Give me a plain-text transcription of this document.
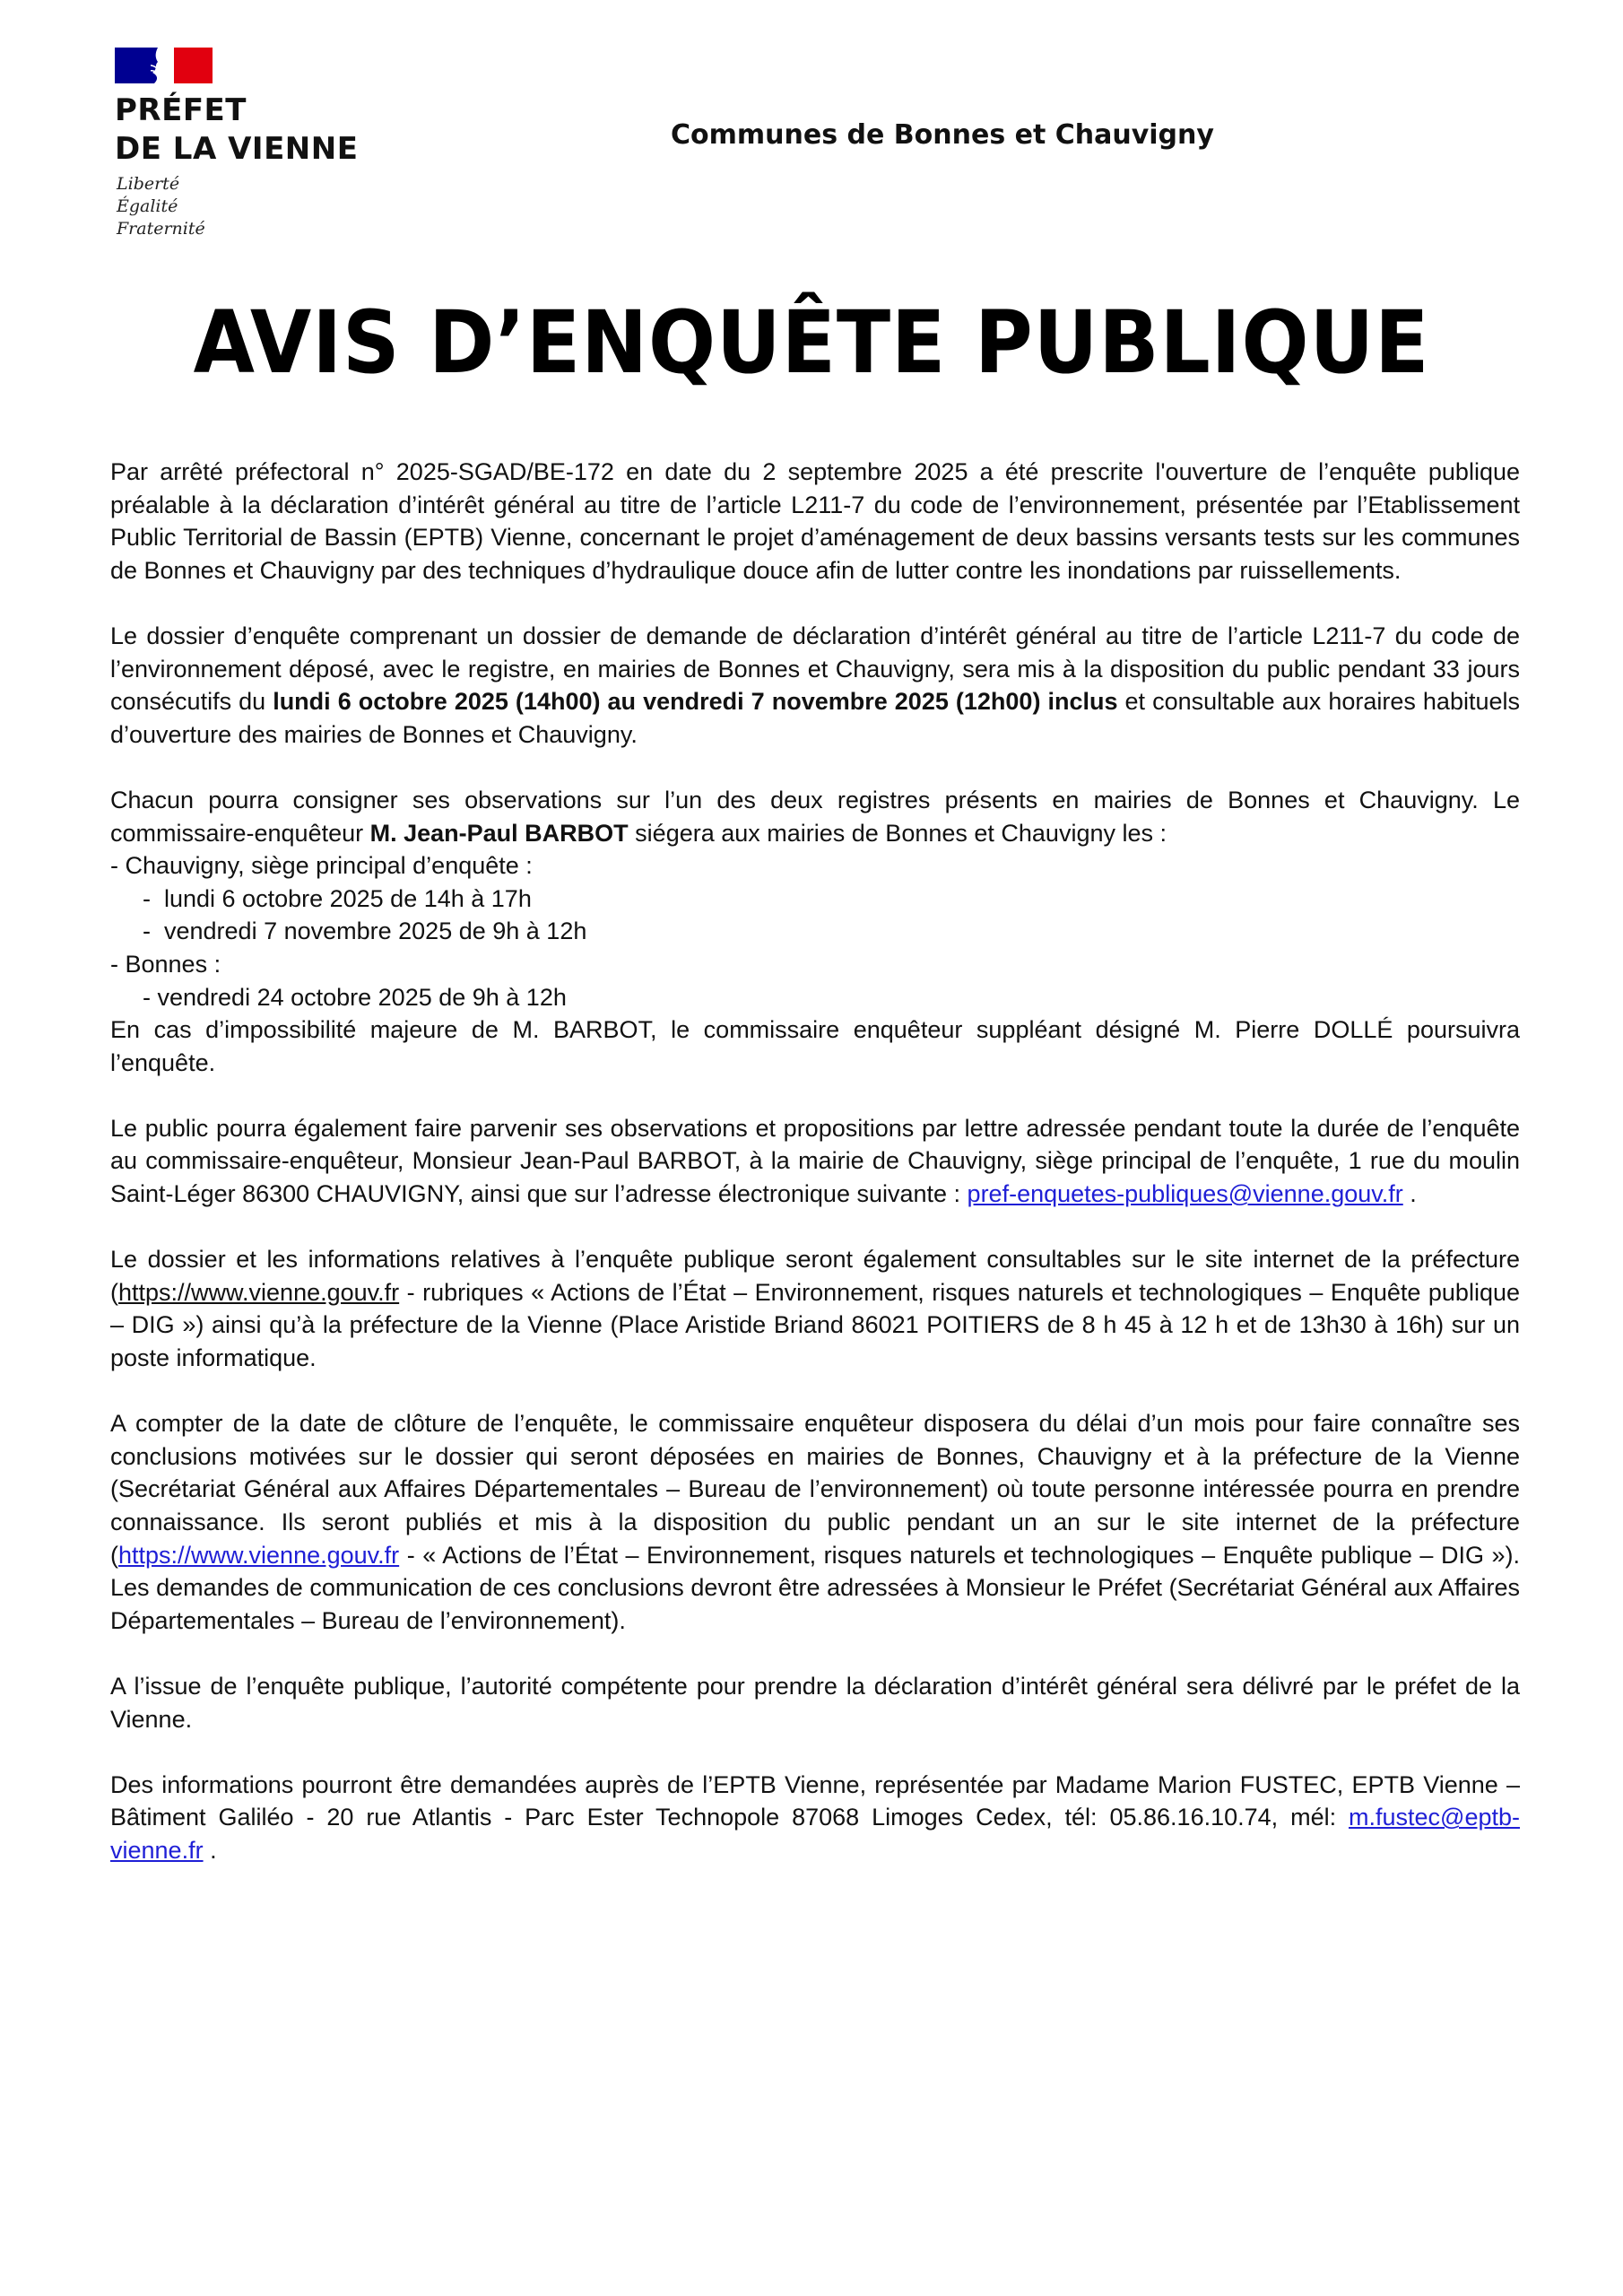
PRÉFET
DE LA VIENNE
Liberté
Égalité
Fraternité
Communes de Bonnes et Chauvigny
AVIS D’ENQUÊTE PUBLIQUE

Par arrêté préfectoral n° 2025-SGAD/BE-172 en date du 2 septembre 2025 a été prescrite l'ouverture de l’enquête publique préalable à la déclaration d’intérêt général au titre de l’article L211-7 du code de l’environnement, présentée par l’Etablissement Public Territorial de Bassin (EPTB) Vienne, concernant le projet d’aménagement de deux bassins versants tests sur les communes de Bonnes et Chauvigny par des techniques d’hydraulique douce afin de lutter contre les inondations par ruissellements.

Le dossier d’enquête comprenant un dossier de demande de déclaration d’intérêt général au titre de l’article L211-7 du code de l’environnement déposé, avec le registre, en mairies de Bonnes et Chauvigny, sera mis à la disposition du public pendant 33 jours consécutifs du lundi 6 octobre 2025 (14h00) au vendredi 7 novembre 2025 (12h00) inclus et consultable aux horaires habituels d’ouverture des mairies de Bonnes et Chauvigny.

Chacun pourra consigner ses observations sur l’un des deux registres présents en mairies de Bonnes et Chauvigny. Le commissaire-enquêteur M. Jean-Paul BARBOT siégera aux mairies de Bonnes et Chauvigny les :
- Chauvigny, siège principal d’enquête :
-  lundi 6 octobre 2025 de 14h à 17h
-  vendredi 7 novembre 2025 de 9h à 12h
- Bonnes :
- vendredi 24 octobre 2025 de 9h à 12h
En cas d’impossibilité majeure de M. BARBOT, le commissaire enquêteur suppléant désigné M. Pierre DOLLÉ poursuivra l’enquête.

Le public pourra également faire parvenir ses observations et propositions par lettre adressée pendant toute la durée de l’enquête au commissaire-enquêteur, Monsieur Jean-Paul BARBOT, à la mairie de Chauvigny, siège principal de l’enquête, 1 rue du moulin Saint-Léger 86300 CHAUVIGNY, ainsi que sur l’adresse électronique suivante : pref-enquetes-publiques@vienne.gouv.fr .

Le dossier et les informations relatives à l’enquête publique seront également consultables sur le site internet de la préfecture (https://www.vienne.gouv.fr - rubriques « Actions de l’État – Environnement, risques naturels et technologiques – Enquête publique – DIG ») ainsi qu’à la préfecture de la Vienne (Place Aristide Briand 86021 POITIERS de 8 h 45 à 12 h et de 13h30 à 16h) sur un poste informatique.

A compter de la date de clôture de l’enquête, le commissaire enquêteur disposera du délai d’un mois pour faire connaître ses conclusions motivées sur le dossier qui seront déposées en mairies de Bonnes, Chauvigny et à la préfecture de la Vienne (Secrétariat Général aux Affaires Départementales – Bureau de l’environnement) où toute personne intéressée pourra en prendre connaissance. Ils seront publiés et mis à la disposition du public pendant un an sur le site internet de la préfecture (https://www.vienne.gouv.fr - « Actions de l’État – Environnement, risques naturels et technologiques – Enquête publique – DIG »). Les demandes de communication de ces conclusions devront être adressées à Monsieur le Préfet (Secrétariat Général aux Affaires Départementales – Bureau de l’environnement).

A l’issue de l’enquête publique, l’autorité compétente pour prendre la déclaration d’intérêt général sera délivré par le préfet de la Vienne.

Des informations pourront être demandées auprès de l’EPTB Vienne, représentée par Madame Marion FUSTEC, EPTB Vienne – Bâtiment Galiléo - 20 rue Atlantis - Parc Ester Technopole 87068 Limoges Cedex, tél: 05.86.16.10.74, mél: m.fustec@eptb-vienne.fr .
